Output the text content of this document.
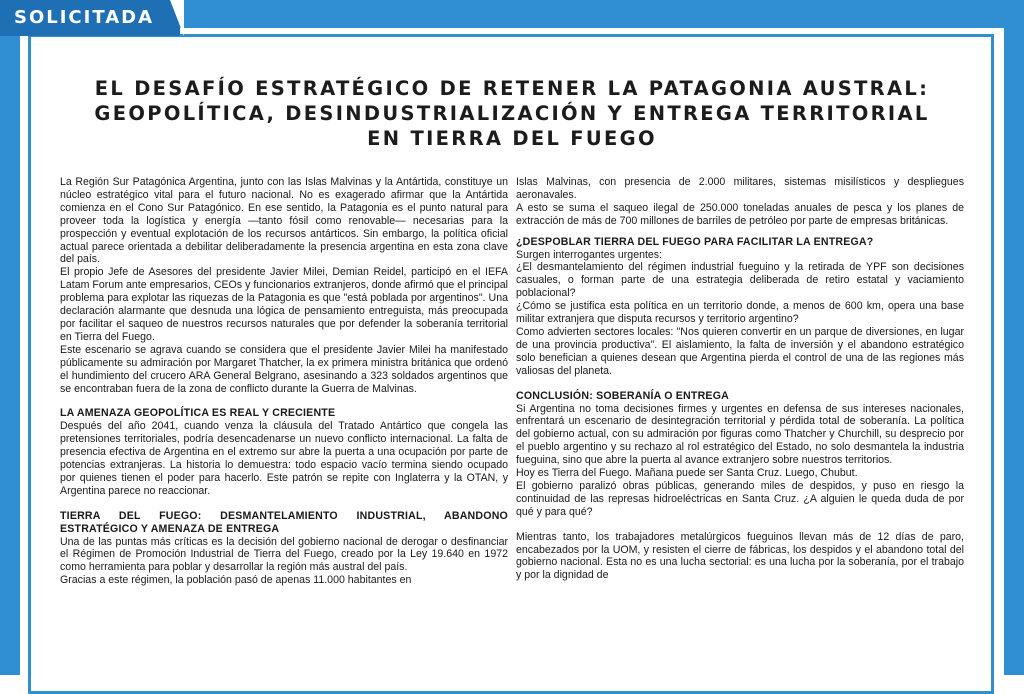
SOLICITADA
EL DESAFÍO ESTRATÉGICO DE RETENER LA PATAGONIA AUSTRAL:
GEOPOLÍTICA, DESINDUSTRIALIZACIÓN Y ENTREGA TERRITORIAL
EN TIERRA DEL FUEGO

La Región Sur Patagónica Argentina, junto con las Islas Malvinas y la Antártida, constituye un núcleo estratégico vital para el futuro nacional. No es exagerado afirmar que la Antártida comienza en el Cono Sur Patagónico. En ese sentido, la Patagonia es el punto natural para proveer toda la logística y energía —tanto fósil como renovable— necesarias para la prospección y eventual explotación de los recursos antárticos. Sin embargo, la política oficial actual parece orientada a debilitar deliberadamente la presencia argentina en esta zona clave del país.

El propio Jefe de Asesores del presidente Javier Milei, Demian Reidel, participó en el IEFA Latam Forum ante empresarios, CEOs y funcionarios extranjeros, donde afirmó que el principal problema para explotar las riquezas de la Patagonia es que "está poblada por argentinos". Una declaración alarmante que desnuda una lógica de pensamiento entreguista, más preocupada por facilitar el saqueo de nuestros recursos naturales que por defender la soberanía territorial en Tierra del Fuego.

Este escenario se agrava cuando se considera que el presidente Javier Milei ha manifestado públicamente su admiración por Margaret Thatcher, la ex primera ministra británica que ordenó el hundimiento del crucero ARA General Belgrano, asesinando a 323 soldados argentinos que se encontraban fuera de la zona de conflicto durante la Guerra de Malvinas.

LA AMENAZA GEOPOLÍTICA ES REAL Y CRECIENTE

Después del año 2041, cuando venza la cláusula del Tratado Antártico que congela las pretensiones territoriales, podría desencadenarse un nuevo conflicto internacional. La falta de presencia efectiva de Argentina en el extremo sur abre la puerta a una ocupación por parte de potencias extranjeras. La historia lo demuestra: todo espacio vacío termina siendo ocupado por quienes tienen el poder para hacerlo. Este patrón se repite con Inglaterra y la OTAN, y Argentina parece no reaccionar.

TIERRA DEL FUEGO: DESMANTELAMIENTO INDUSTRIAL, ABANDONO ESTRATÉGICO Y AMENAZA DE ENTREGA

Una de las puntas más críticas es la decisión del gobierno nacional de derogar o desfinanciar el Régimen de Promoción Industrial de Tierra del Fuego, creado por la Ley 19.640 en 1972 como herramienta para poblar y desarrollar la región más austral del país.

Gracias a este régimen, la población pasó de apenas 11.000 habitantes en

Islas Malvinas, con presencia de 2.000 militares, sistemas misilísticos y despliegues aeronavales.

A esto se suma el saqueo ilegal de 250.000 toneladas anuales de pesca y los planes de extracción de más de 700 millones de barriles de petróleo por parte de empresas británicas.

¿DESPOBLAR TIERRA DEL FUEGO PARA FACILITAR LA ENTREGA?

Surgen interrogantes urgentes:

¿El desmantelamiento del régimen industrial fueguino y la retirada de YPF son decisiones casuales, o forman parte de una estrategia deliberada de retiro estatal y vaciamiento poblacional?

¿Cómo se justifica esta política en un territorio donde, a menos de 600 km, opera una base militar extranjera que disputa recursos y territorio argentino?

Como advierten sectores locales: "Nos quieren convertir en un parque de diversiones, en lugar de una provincia productiva". El aislamiento, la falta de inversión y el abandono estratégico solo benefician a quienes desean que Argentina pierda el control de una de las regiones más valiosas del planeta.

CONCLUSIÓN: SOBERANÍA O ENTREGA

Si Argentina no toma decisiones firmes y urgentes en defensa de sus intereses nacionales, enfrentará un escenario de desintegración territorial y pérdida total de soberanía. La política del gobierno actual, con su admiración por figuras como Thatcher y Churchill, su desprecio por el pueblo argentino y su rechazo al rol estratégico del Estado, no solo desmantela la industria fueguina, sino que abre la puerta al avance extranjero sobre nuestros territorios.

Hoy es Tierra del Fuego. Mañana puede ser Santa Cruz. Luego, Chubut.

El gobierno paralizó obras públicas, generando miles de despidos, y puso en riesgo la continuidad de las represas hidroeléctricas en Santa Cruz. ¿A alguien le queda duda de por qué y para qué?

Mientras tanto, los trabajadores metalúrgicos fueguinos llevan más de 12 días de paro, encabezados por la UOM, y resisten el cierre de fábricas, los despidos y el abandono total del gobierno nacional. Esta no es una lucha sectorial: es una lucha por la soberanía, por el trabajo y por la dignidad de
